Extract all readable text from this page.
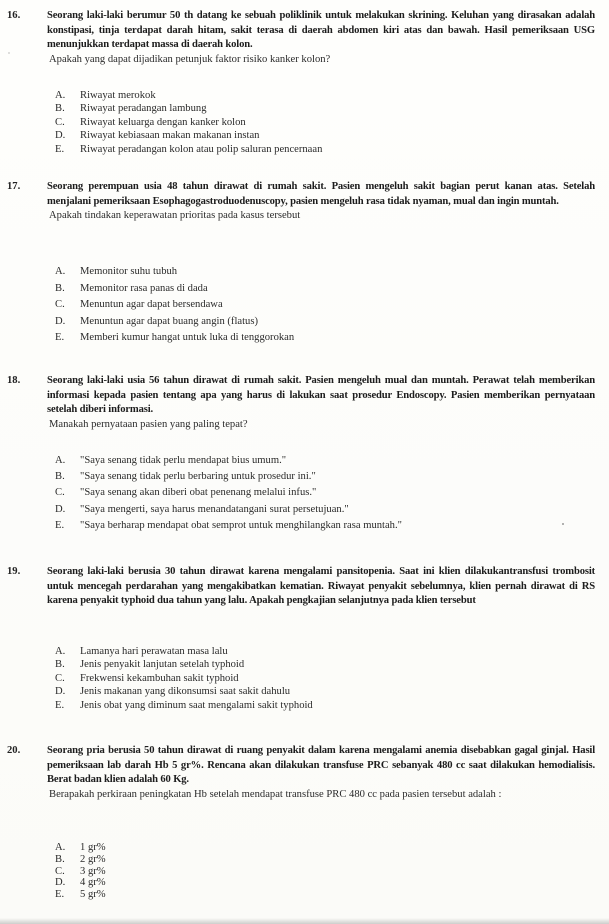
16.	Seorang laki-laki berumur 50 th datang ke sebuah poliklinik untuk melakukan skrining. Keluhan yang dirasakan adalah konstipasi, tinja terdapat darah hitam, sakit terasa di daerah abdomen kiri atas dan bawah. Hasil pemeriksaan USG menunjukkan terdapat massa di daerah kolon.
Apakah yang dapat dijadikan petunjuk faktor risiko kanker kolon?
A.	Riwayat merokok
B.	Riwayat peradangan lambung
C.	Riwayat keluarga dengan kanker kolon
D.	Riwayat kebiasaan makan makanan instan
E.	Riwayat peradangan kolon atau polip saluran pencernaan
17.	Seorang perempuan usia 48 tahun dirawat di rumah sakit. Pasien mengeluh sakit bagian perut kanan atas. Setelah menjalani pemeriksaan Esophagogastroduodenuscopy, pasien mengeluh rasa tidak nyaman, mual dan ingin muntah.
Apakah tindakan keperawatan prioritas pada kasus tersebut
A.	Memonitor suhu tubuh
B.	Memonitor rasa panas di dada
C.	Menuntun agar dapat bersendawa
D.	Menuntun agar dapat buang angin (flatus)
E.	Memberi kumur hangat untuk luka di tenggorokan
18.	Seorang laki-laki usia 56 tahun dirawat di rumah sakit. Pasien mengeluh mual dan muntah. Perawat telah memberikan informasi kepada pasien tentang apa yang harus di lakukan saat prosedur Endoscopy. Pasien memberikan pernyataan setelah diberi informasi.
Manakah pernyataan pasien yang paling tepat?
A.	"Saya senang tidak perlu mendapat bius umum."
B.	"Saya senang tidak perlu berbaring untuk prosedur ini."
C.	"Saya senang akan diberi obat penenang melalui infus."
D.	"Saya mengerti, saya harus menandatangani surat persetujuan."
E.	"Saya berharap mendapat obat semprot untuk menghilangkan rasa muntah."
19.	Seorang laki-laki berusia 30 tahun dirawat karena mengalami pansitopenia. Saat ini klien dilakukantransfusi trombosit untuk mencegah perdarahan yang mengakibatkan kematian. Riwayat penyakit sebelumnya, klien pernah dirawat di RS karena penyakit typhoid dua tahun yang lalu. Apakah pengkajian selanjutnya pada klien tersebut
A.	Lamanya hari perawatan masa lalu
B.	Jenis penyakit lanjutan setelah typhoid
C.	Frekwensi kekambuhan sakit typhoid
D.	Jenis makanan yang dikonsumsi saat sakit dahulu
E.	Jenis obat yang diminum saat mengalami sakit typhoid
20.	Seorang pria berusia 50 tahun dirawat di ruang penyakit dalam karena mengalami anemia disebabkan gagal ginjal. Hasil pemeriksaan lab darah Hb 5 gr%. Rencana akan dilakukan transfuse PRC sebanyak 480 cc saat dilakukan hemodialisis. Berat badan klien adalah 60 Kg.
Berapakah perkiraan peningkatan Hb setelah mendapat transfuse PRC 480 cc pada pasien tersebut adalah :
A.	1 gr%
B.	2 gr%
C.	3 gr%
D.	4 gr%
E.	5 gr%
